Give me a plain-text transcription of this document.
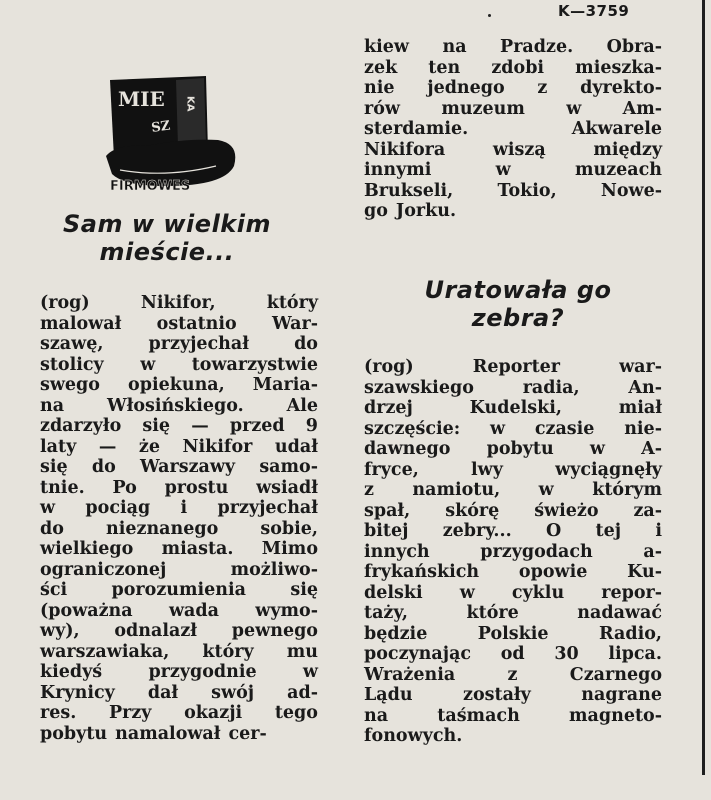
K—3759
MIE
SZ
KA
FIRMOWES
Sam w wielkim
mieście...
(rog)	Nikifor,	który
malował ostatnio War-
szawę,	przyjechał	do
stolicy w towarzystwie
swego opiekuna, Maria-
na Włosińskiego. Ale
zdarzyło się — przed 9
laty — że Nikifor udał
się do Warszawy samo-
tnie. Po prostu wsiadł
w pociąg i przyjechał
do nieznanego sobie,
wielkiego miasta. Mimo
ograniczonej	możliwo-
ści	porozumienia	się
(poważna wada wymo-
wy), odnalazł pewnego
warszawiaka, który mu
kiedyś	przygodnie	w
Krynicy dał swój ad-
res. Przy okazji tego
pobytu namalował cer-
kiew na Pradze. Obra-
zek ten zdobi mieszka-
nie jednego z dyrekto-
rów muzeum w Am-
sterdamie.	Akwarele
Nikifora	wiszą	między
innymi	w	muzeach
Brukseli,	Tokio,	Nowe-
go Jorku.
Uratowała go
zebra?
(rog)	Reporter	war-
szawskiego	radia,	An-
drzej	Kudelski,	miał
szczęście: w czasie nie-
dawnego pobytu w A-
fryce,	lwy	wyciągnęły
z namiotu, w którym
spał, skórę świeżo za-
bitej zebry... O tej i
innych	przygodach	a-
frykańskich opowie Ku-
delski w cyklu repor-
taży,	które	nadawać
będzie	Polskie	Radio,
poczynając od 30 lipca.
Wrażenia	z	Czarnego
Lądu	zostały	nagrane
na	taśmach	magneto-
fonowych.
